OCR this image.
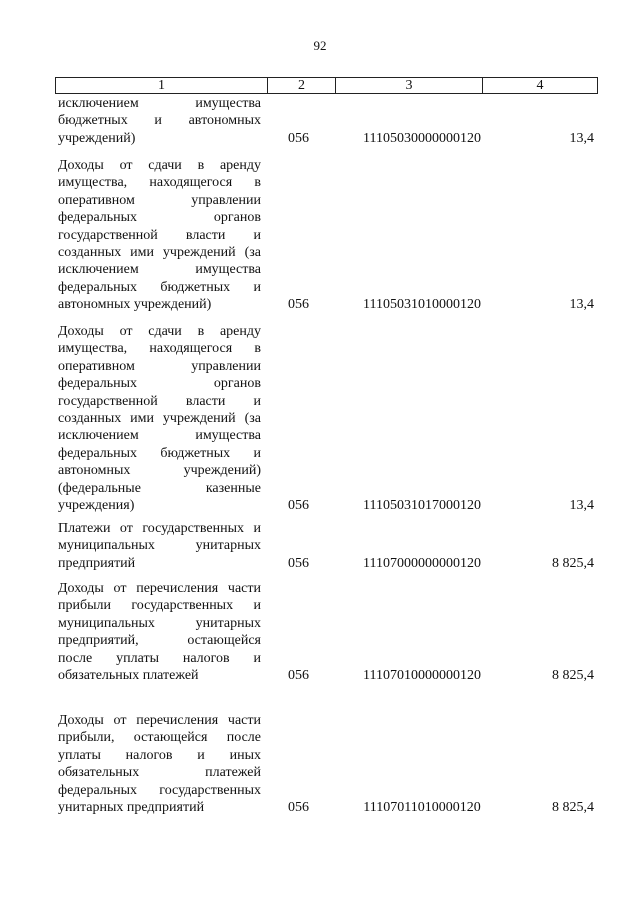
92
1	2	3	4
исключением имущества
бюджетных и автономных
учреждений)	056	11105030000000120	13,4
Доходы от сдачи в аренду
имущества, находящегося в
оперативном управлении
федеральных органов
государственной власти и
созданных ими учреждений (за
исключением имущества
федеральных бюджетных и
автономных учреждений)	056	11105031010000120	13,4
Доходы от сдачи в аренду
имущества, находящегося в
оперативном управлении
федеральных органов
государственной власти и
созданных ими учреждений (за
исключением имущества
федеральных бюджетных и
автономных учреждений)
(федеральные казенные
учреждения)	056	11105031017000120	13,4
Платежи от государственных и
муниципальных унитарных
предприятий	056	11107000000000120	8 825,4
Доходы от перечисления части
прибыли государственных и
муниципальных унитарных
предприятий, остающейся
после уплаты налогов и
обязательных платежей	056	11107010000000120	8 825,4
Доходы от перечисления части
прибыли, остающейся после
уплаты налогов и иных
обязательных платежей
федеральных государственных
унитарных предприятий	056	11107011010000120	8 825,4
